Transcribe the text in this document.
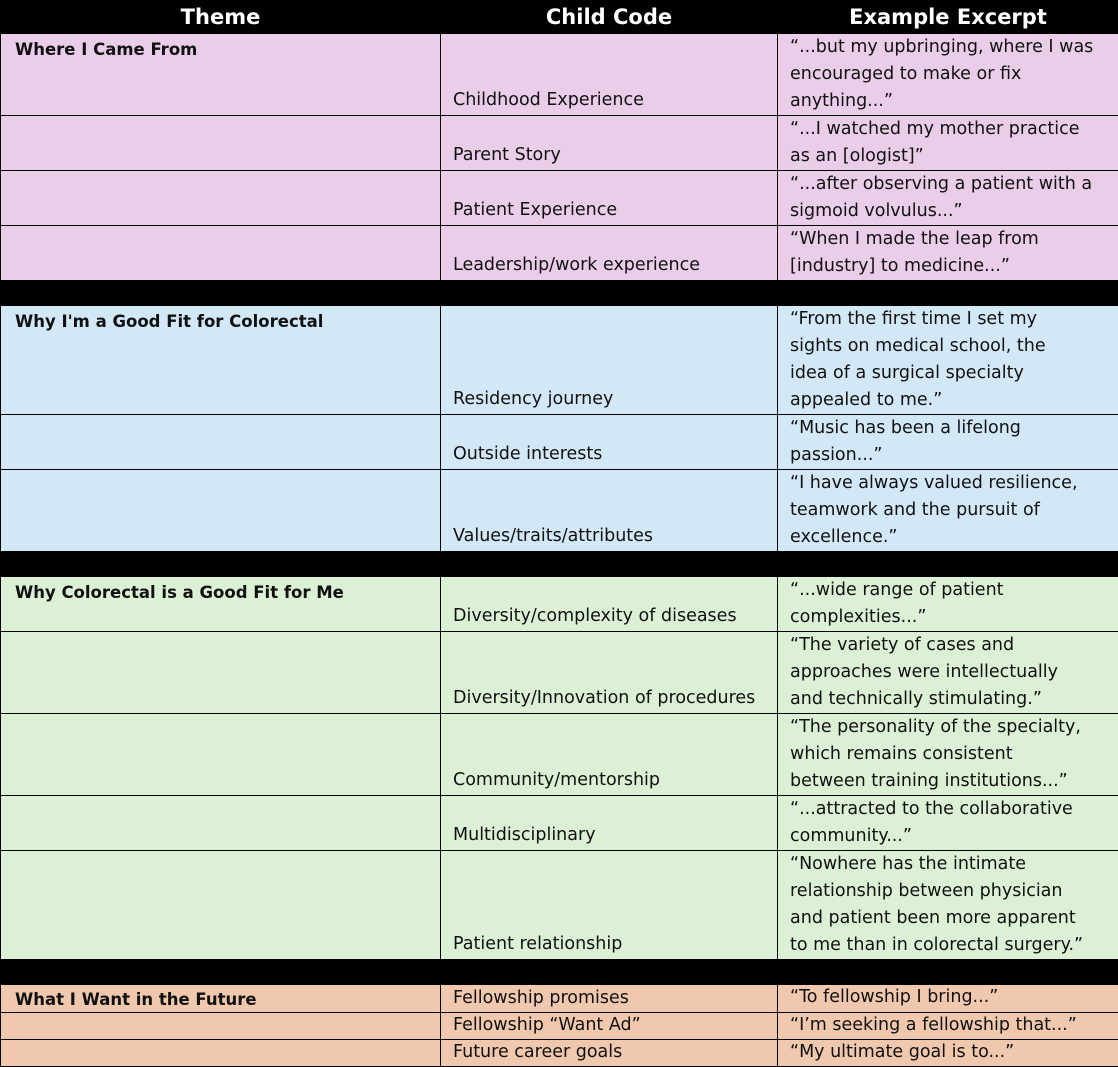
Theme	Child Code	Example Excerpt
Where I Came From	Childhood Experience	“...but my upbringing, where I was
encouraged to make or fix
anything...”

	Parent Story	“...I watched my mother practice
as an [ologist]”

	Patient Experience	“...after observing a patient with a
sigmoid volvulus...”

	Leadership/work experience	“When I made the leap from
[industry] to medicine...”

Why I'm a Good Fit for Colorectal	Residency journey	“From the first time I set my
sights on medical school, the
idea of a surgical specialty
appealed to me.”

	Outside interests	“Music has been a lifelong
passion...”

	Values/traits/attributes	“I have always valued resilience,
teamwork and the pursuit of
excellence.”

Why Colorectal is a Good Fit for Me	Diversity/complexity of diseases	“...wide range of patient
complexities...”

	Diversity/Innovation of procedures	“The variety of cases and
approaches were intellectually
and technically stimulating.”

	Community/mentorship	“The personality of the specialty,
which remains consistent
between training institutions...”

	Multidisciplinary	“...attracted to the collaborative
community...”

	Patient relationship	“Nowhere has the intimate
relationship between physician
and patient been more apparent
to me than in colorectal surgery.”

What I Want in the Future	Fellowship promises	“To fellowship I bring...”

	Fellowship “Want Ad”	“I’m seeking a fellowship that...”

	Future career goals	“My ultimate goal is to...”
